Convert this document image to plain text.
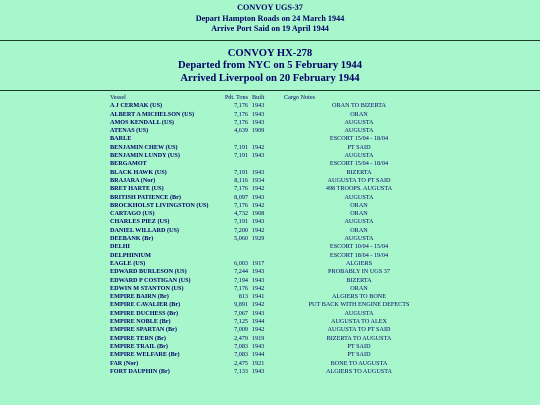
CONVOY UGS-37
Depart Hampton Roads on 24 March 1944
Arrive Port Said on 19 April 1944
CONVOY HX-278
Departed from NYC on 5 February 1944
Arrived Liverpool on 20 February 1944
Vessel	Pdt. Tons	Built	Cargo Notes
A J CERMAK (US)	7,176	1943	ORAN TO BIZERTA
ALBERT A MICHELSON (US)	7,176	1943	ORAN
AMOS KENDALL (US)	7,176	1943	AUGUSTA
ATENAS (US)	4,639	1909	AUGUSTA
BARLE			ESCORT 15/04 - 18/04
BENJAMIN CHEW (US)	7,191	1942	PT SAID
BENJAMIN LUNDY (US)	7,191	1943	AUGUSTA
BERGAMOT			ESCORT 15/04 - 18/04
BLACK HAWK (US)	7,191	1943	BIZERTA
BRAJARA (Nor)	8,116	1934	AUGUSTA TO PT SAID
BRET HARTE (US)	7,176	1942	498 TROOPS. AUGUSTA
BRITISH PATIENCE (Br)	8,097	1943	AUGUSTA
BROCKHOLST LIVINGSTON (US)	7,176	1942	ORAN
CARTAGO (US)	4,732	1908	ORAN
CHARLES PIEZ (US)	7,191	1943	AUGUSTA
DANIEL WILLARD (US)	7,200	1942	ORAN
DEEBANK (Br)	5,060	1929	AUGUSTA
DELHI			ESCORT 10/04 - 15/04
DELPHINIUM			ESCORT 18/04 - 19/04
EAGLE (US)	6,003	1917	ALGIERS
EDWARD BURLESON (US)	7,244	1943	PROBABLY IN UGS 37
EDWARD P COSTIGAN (US)	7,194	1943	BIZERTA
EDWIN M STANTON (US)	7,176	1942	ORAN
EMPIRE BAIRN (Br)	813	1941	ALGIERS TO BONE
EMPIRE CAVALIER (Br)	9,891	1942	PUT BACK WITH ENGINE DEFECTS
EMPIRE DUCHESS (Br)	7,067	1943	AUGUSTA
EMPIRE NOBLE (Br)	7,125	1944	AUGUSTA TO ALEX
EMPIRE SPARTAN (Br)	7,009	1942	AUGUSTA TO PT SAID
EMPIRE TERN (Br)	2,479	1919	BIZERTA TO AUGUSTA
EMPIRE TRAIL (Br)	7,083	1943	PT SAID
EMPIRE WELFARE (Br)	7,083	1944	PT SAID
FAR (Nor)	2,475	1921	BONE TO AUGUSTA
FORT DAUPHIN (Br)	7,133	1943	ALGIERS TO AUGUSTA
